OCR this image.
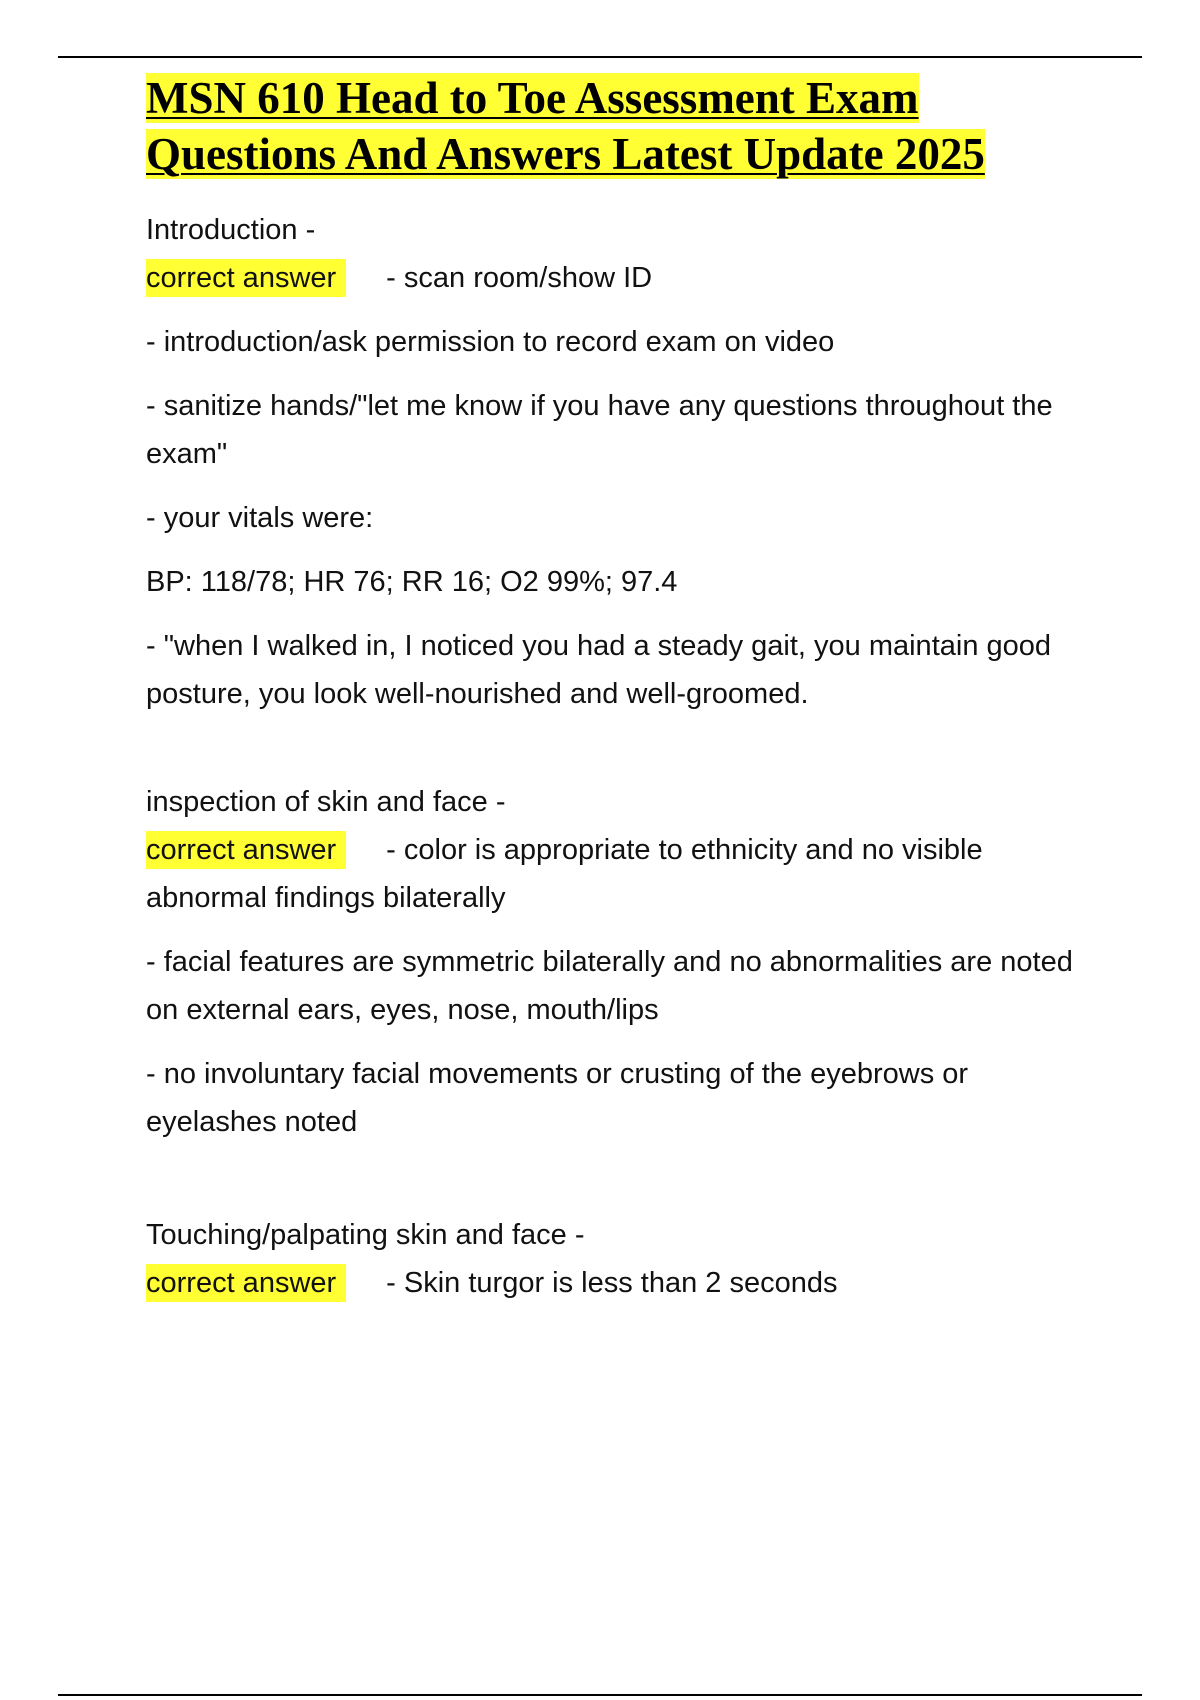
MSN 610 Head to Toe Assessment Exam
Questions And Answers Latest Update 2025

Introduction -

correct answer - scan room/show ID

- introduction/ask permission to record exam on video

- sanitize hands/"let me know if you have any questions throughout the exam"

- your vitals were:

BP: 118/78; HR 76; RR 16; O2 99%; 97.4

- "when I walked in, I noticed you had a steady gait, you maintain good posture, you look well-nourished and well-groomed.

inspection of skin and face -

correct answer - color is appropriate to ethnicity and no visible abnormal findings bilaterally

- facial features are symmetric bilaterally and no abnormalities are noted on external ears, eyes, nose, mouth/lips

- no involuntary facial movements or crusting of the eyebrows or eyelashes noted

Touching/palpating skin and face -

correct answer - Skin turgor is less than 2 seconds
